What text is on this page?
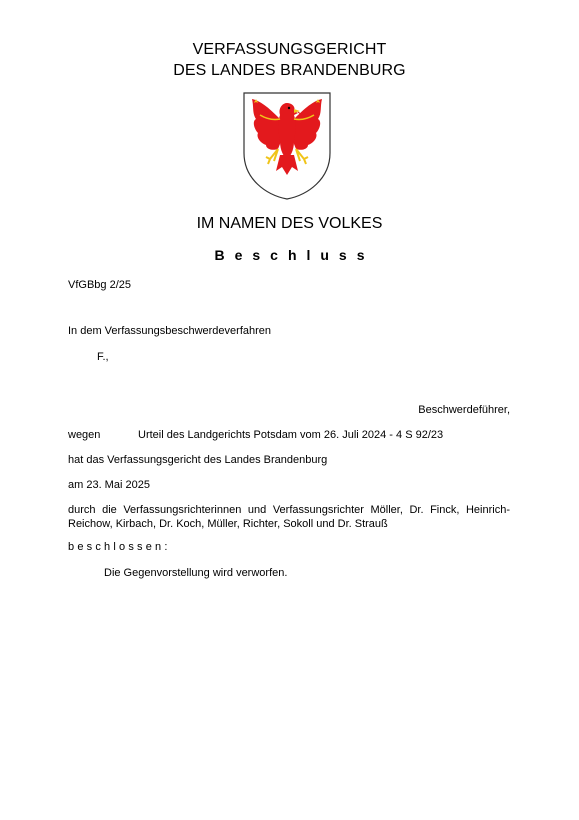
VERFASSUNGSGERICHT
DES LANDES BRANDENBURG
IM NAMEN DES VOLKES
Beschluss
VfGBbg 2/25
In dem Verfassungsbeschwerdeverfahren
F.,
Beschwerdeführer,
wegen	Urteil des Landgerichts Potsdam vom 26. Juli 2024 - 4 S 92/23
hat das Verfassungsgericht des Landes Brandenburg
am 23. Mai 2025
durch die Verfassungsrichterinnen und Verfassungsrichter Möller, Dr. Finck, Heinrich-Reichow, Kirbach, Dr. Koch, Müller, Richter, Sokoll und Dr. Strauß
beschlossen:
Die Gegenvorstellung wird verworfen.
